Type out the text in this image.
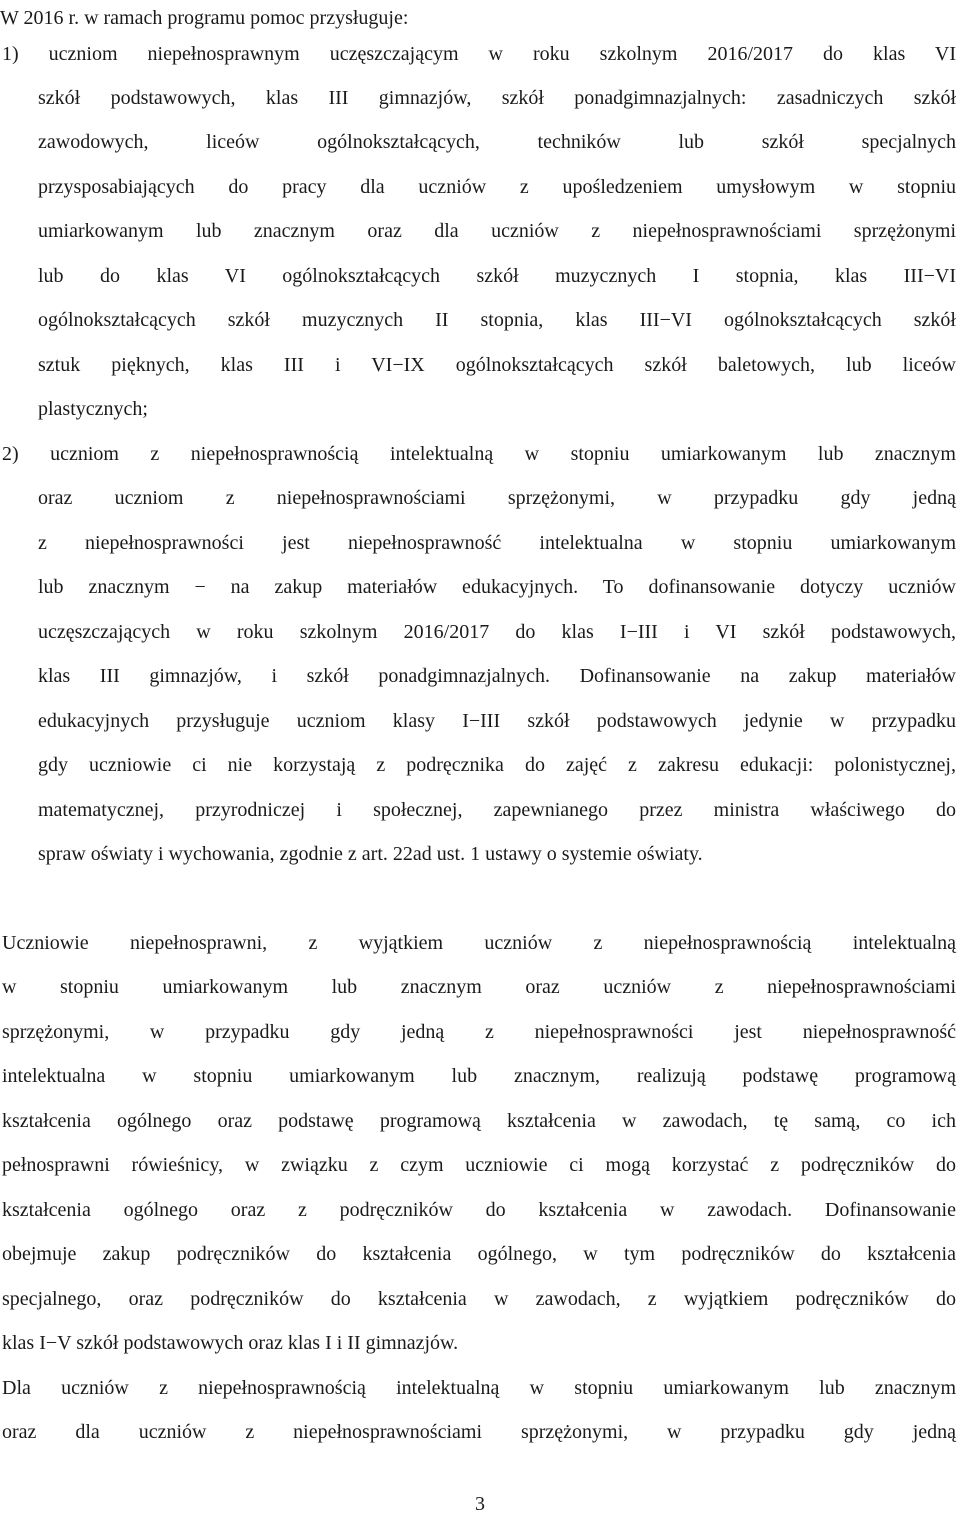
W 2016 r. w ramach programu pomoc przysługuje:
1) uczniom niepełnosprawnym uczęszczającym w roku szkolnym 2016/2017 do klas VI
szkół podstawowych, klas III gimnazjów, szkół ponadgimnazjalnych: zasadniczych szkół
zawodowych, liceów ogólnokształcących, techników lub szkół specjalnych
przysposabiających do pracy dla uczniów z upośledzeniem umysłowym w stopniu
umiarkowanym lub znacznym oraz dla uczniów z niepełnosprawnościami sprzężonymi
lub do klas VI ogólnokształcących szkół muzycznych I stopnia, klas III−VI
ogólnokształcących szkół muzycznych II stopnia, klas III−VI ogólnokształcących szkół
sztuk pięknych, klas III i VI−IX ogólnokształcących szkół baletowych, lub liceów
plastycznych;
2) uczniom z niepełnosprawnością intelektualną w stopniu umiarkowanym lub znacznym
oraz uczniom z niepełnosprawnościami sprzężonymi, w przypadku gdy jedną
z niepełnosprawności jest niepełnosprawność intelektualna w stopniu umiarkowanym
lub znacznym − na zakup materiałów edukacyjnych. To dofinansowanie dotyczy uczniów
uczęszczających w roku szkolnym 2016/2017 do klas I−III i VI szkół podstawowych,
klas III gimnazjów, i szkół ponadgimnazjalnych. Dofinansowanie na zakup materiałów
edukacyjnych przysługuje uczniom klasy I−III szkół podstawowych jedynie w przypadku
gdy uczniowie ci nie korzystają z podręcznika do zajęć z zakresu edukacji: polonistycznej,
matematycznej, przyrodniczej i społecznej, zapewnianego przez ministra właściwego do
spraw oświaty i wychowania, zgodnie z art. 22ad ust. 1 ustawy o systemie oświaty.
Uczniowie niepełnosprawni, z wyjątkiem uczniów z niepełnosprawnością intelektualną
w stopniu umiarkowanym lub znacznym oraz uczniów z niepełnosprawnościami
sprzężonymi, w przypadku gdy jedną z niepełnosprawności jest niepełnosprawność
intelektualna w stopniu umiarkowanym lub znacznym, realizują podstawę programową
kształcenia ogólnego oraz podstawę programową kształcenia w zawodach, tę samą, co ich
pełnosprawni rówieśnicy, w związku z czym uczniowie ci mogą korzystać z podręczników do
kształcenia ogólnego oraz z podręczników do kształcenia w zawodach. Dofinansowanie
obejmuje zakup podręczników do kształcenia ogólnego, w tym podręczników do kształcenia
specjalnego, oraz podręczników do kształcenia w zawodach, z wyjątkiem podręczników do
klas I−V szkół podstawowych oraz klas I i II gimnazjów.
Dla uczniów z niepełnosprawnością intelektualną w stopniu umiarkowanym lub znacznym
oraz dla uczniów z niepełnosprawnościami sprzężonymi, w przypadku gdy jedną
3
